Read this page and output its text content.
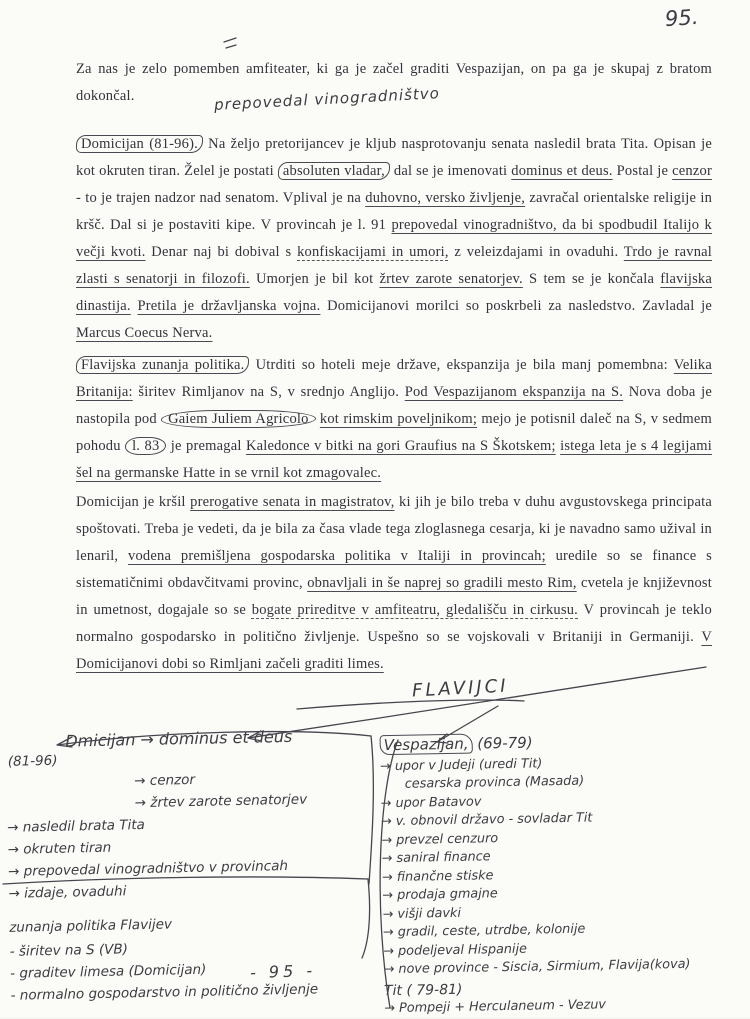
95.

Za nas je zelo pomemben amfiteater, ki ga je začel graditi Vespazijan, on pa ga je skupaj z bratom dokončal.

Domicijan (81-96). Na željo pretorijancev je kljub nasprotovanju senata nasledil brata Tita. Opisan je kot okruten tiran. Želel je postati absoluten vladar, dal se je imenovati dominus et deus. Postal je cenzor - to je trajen nadzor nad senatom. Vplival je na duhovno, versko življenje, zavračal orientalske religije in kršč. Dal si je postaviti kipe. V provincah je l. 91 prepovedal vinogradništvo, da bi spodbudil Italijo k večji kvoti. Denar naj bi dobival s konfiskacijami in umori, z veleizdajami in ovaduhi. Trdo je ravnal zlasti s senatorji in filozofi. Umorjen je bil kot žrtev zarote senatorjev. S tem se je končala flavijska dinastija. Pretila je državljanska vojna. Domicijanovi morilci so poskrbeli za nasledstvo. Zavladal je Marcus Coecus Nerva.

Flavijska zunanja politika. Utrditi so hoteli meje države, ekspanzija je bila manj pomembna: Velika Britanija: širitev Rimljanov na S, v srednjo Anglijo. Pod Vespazijanom ekspanzija na S. Nova doba je nastopila pod Gaiem Juliem Agricolo kot rimskim poveljnikom; mejo je potisnil daleč na S, v sedmem pohodu l. 83 je premagal Kaledonce v bitki na gori Graufius na S Škotskem; istega leta je s 4 legijami šel na germanske Hatte in se vrnil kot zmagovalec.

Domicijan je kršil prerogative senata in magistratov, ki jih je bilo treba v duhu avgustovskega principata spoštovati. Treba je vedeti, da je bila za časa vlade tega zloglasnega cesarja, ki je navadno samo užival in lenaril, vodena premišljena gospodarska politika v Italiji in provincah; uredile so se finance s sistematičnimi obdavčitvami provinc, obnavljali in še naprej so gradili mesto Rim, cvetela je književnost in umetnost, dogajale so se bogate prireditve v amfiteatru, gledališču in cirkusu. V provincah je teklo normalno gospodarsko in politično življenje. Uspešno so se vojskovali v Britaniji in Germaniji. V Domicijanovi dobi so Rimljani začeli graditi limes.

prepovedal vinogradništvo
FLAVIJCI
Dmicijan → dominus et deus
(81-96)
→ cenzor
→ žrtev zarote senatorjev
→ nasledil brata Tita
→ okruten tiran
→ prepovedal vinogradništvo v provincah
→ izdaje, ovaduhi
zunanja politika Flavijev
- širitev na S (VB)
- graditev limesa (Domicijan)
- normalno gospodarstvo in politično življenje
Vespazijan, (69-79)
→ upor v Judeji (uredi Tit)
cesarska provinca (Masada)
→ upor Batavov
→ v. obnovil državo - sovladar Tit
→ prevzel cenzuro
→ saniral finance
→ finančne stiske
→ prodaja gmajne
→ višji davki
→ gradil, ceste, utrdbe, kolonije
→ podeljeval Hispanije
→ nove province - Siscia, Sirmium, Flavija(kova)
Tit ( 79-81)
→ Pompeji + Herculaneum - Vezuv
- 95 -
